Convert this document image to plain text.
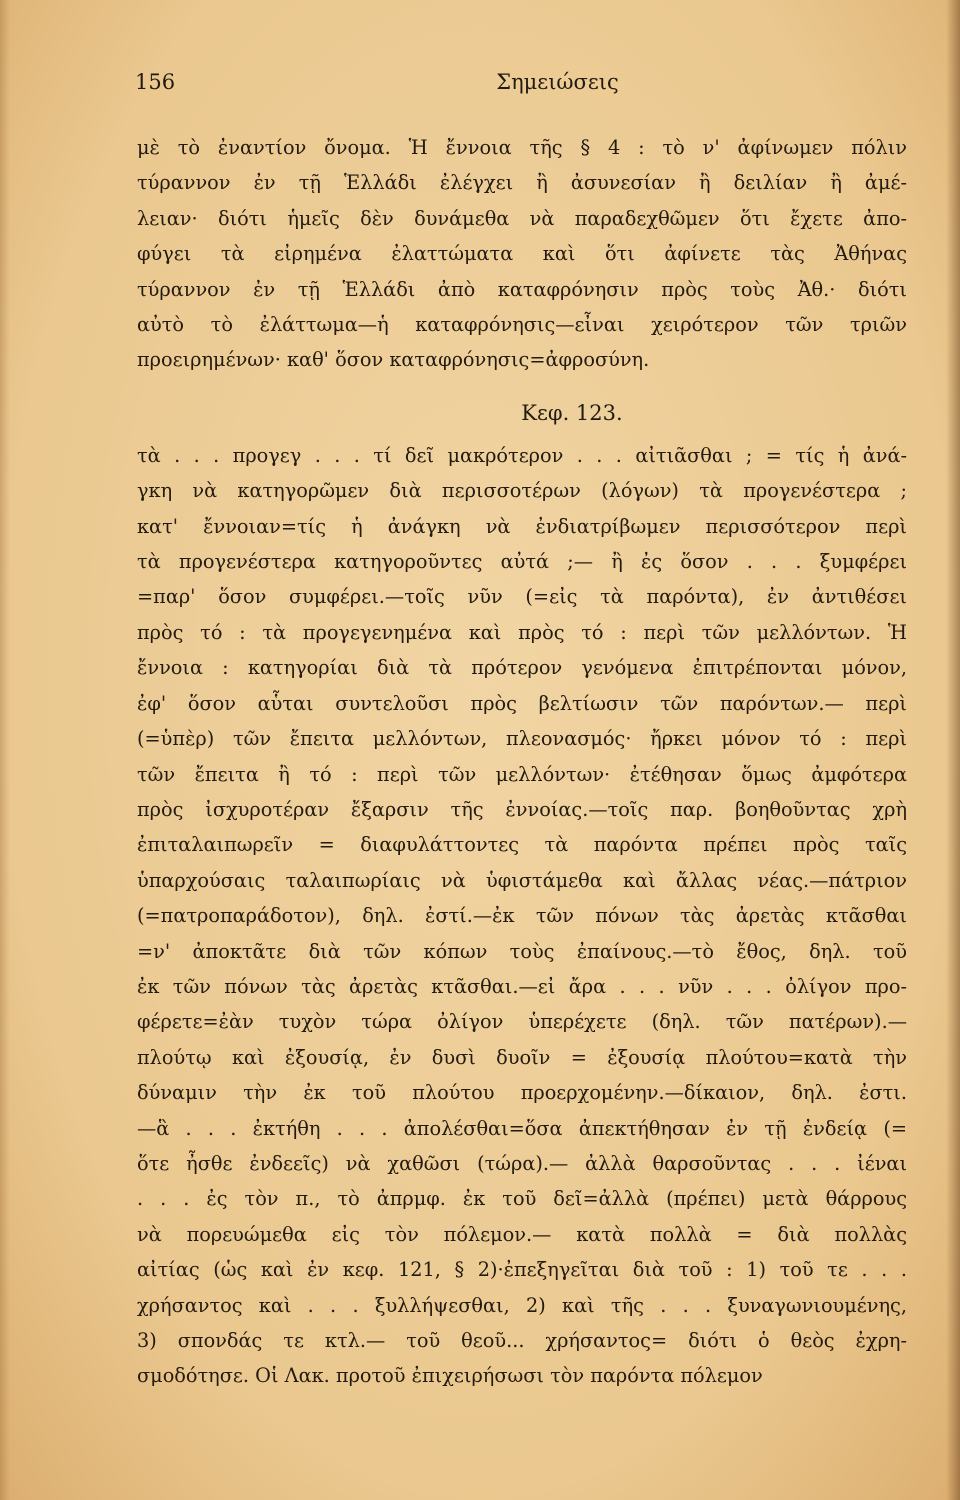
156	Σημειώσεις
μὲ τὸ ἐναντίον ὄνομα. Ἡ ἔννοια τῆς § 4 : τὸ ν' ἀφίνωμεν πόλιν
τύραννον ἐν τῇ Ἑλλάδι ἐλέγχει ἢ ἀσυνεσίαν ἢ δειλίαν ἢ ἀμέ-
λειαν· διότι ἡμεῖς δὲν δυνάμεθα νὰ παραδεχθῶμεν ὅτι ἔχετε ἀπο-
φύγει τὰ εἰρημένα ἐλαττώματα καὶ ὅτι ἀφίνετε τὰς Ἀθήνας
τύραννον ἐν τῇ Ἑλλάδι ἀπὸ καταφρόνησιν πρὸς τοὺς Ἀθ.· διότι
αὐτὸ τὸ ἐλάττωμα—ἡ καταφρόνησις—εἶναι χειρότερον τῶν τριῶν
προειρημένων· καθ' ὅσον καταφρόνησις=ἀφροσύνη.
Κεφ. 123.
τὰ . . . προγεγ . . . τί δεῖ μακρότερον . . . αἰτιᾶσθαι ; = τίς ἡ ἀνά-
γκη νὰ κατηγορῶμεν διὰ περισσοτέρων (λόγων) τὰ προγενέστερα ;
κατ' ἔννοιαν=τίς ἡ ἀνάγκη νὰ ἐνδιατρίβωμεν περισσότερον περὶ
τὰ προγενέστερα κατηγοροῦντες αὐτά ;— ἢ ἐς ὅσον . . . ξυμφέρει
=παρ' ὅσον συμφέρει.—τοῖς νῦν (=εἰς τὰ παρόντα), ἐν ἀντιθέσει
πρὸς τό : τὰ προγεγενημένα καὶ πρὸς τό : περὶ τῶν μελλόντων. Ἡ
ἔννοια : κατηγορίαι διὰ τὰ πρότερον γενόμενα ἐπιτρέπονται μόνον,
ἐφ' ὅσον αὗται συντελοῦσι πρὸς βελτίωσιν τῶν παρόντων.— περὶ
(=ὑπὲρ) τῶν ἔπειτα μελλόντων, πλεονασμός· ἤρκει μόνον τό : περὶ
τῶν ἔπειτα ἢ τό : περὶ τῶν μελλόντων· ἐτέθησαν ὅμως ἀμφότερα
πρὸς ἰσχυροτέραν ἔξαρσιν τῆς ἐννοίας.—τοῖς παρ. βοηθοῦντας χρὴ
ἐπιταλαιπωρεῖν = διαφυλάττοντες τὰ παρόντα πρέπει πρὸς ταῖς
ὑπαρχούσαις ταλαιπωρίαις νὰ ὑφιστάμεθα καὶ ἄλλας νέας.—πάτριον
(=πατροπαράδοτον), δηλ. ἐστί.—ἐκ τῶν πόνων τὰς ἀρετὰς κτᾶσθαι
=ν' ἀποκτᾶτε διὰ τῶν κόπων τοὺς ἐπαίνους.—τὸ ἔθος, δηλ. τοῦ
ἐκ τῶν πόνων τὰς ἀρετὰς κτᾶσθαι.—εἰ ἄρα . . . νῦν . . . ὀλίγον προ-
φέρετε=ἐὰν τυχὸν τώρα ὀλίγον ὑπερέχετε (δηλ. τῶν πατέρων).—
πλούτῳ καὶ ἐξουσίᾳ, ἐν δυσὶ δυοῖν = ἐξουσίᾳ πλούτου=κατὰ τὴν
δύναμιν τὴν ἐκ τοῦ πλούτου προερχομένην.—δίκαιον, δηλ. ἐστι.
—ἃ . . . ἐκτήθη . . . ἀπολέσθαι=ὅσα ἀπεκτήθησαν ἐν τῇ ἐνδείᾳ (=
ὅτε ἦσθε ἐνδεεῖς) νὰ χαθῶσι (τώρα).— ἀλλὰ θαρσοῦντας . . . ἰέναι
. . . ἐς τὸν π., τὸ ἀπρμφ. ἐκ τοῦ δεῖ=ἀλλὰ (πρέπει) μετὰ θάρρους
νὰ πορευώμεθα εἰς τὸν πόλεμον.— κατὰ πολλὰ = διὰ πολλὰς
αἰτίας (ὡς καὶ ἐν κεφ. 121, § 2)·ἐπεξηγεῖται διὰ τοῦ : 1) τοῦ τε . . .
χρήσαντος καὶ . . . ξυλλήψεσθαι, 2) καὶ τῆς . . . ξυναγωνιουμένης,
3) σπονδάς τε κτλ.— τοῦ θεοῦ... χρήσαντος= διότι ὁ θεὸς ἐχρη-
σμοδότησε. Οἱ Λακ. προτοῦ ἐπιχειρήσωσι τὸν παρόντα πόλεμον
